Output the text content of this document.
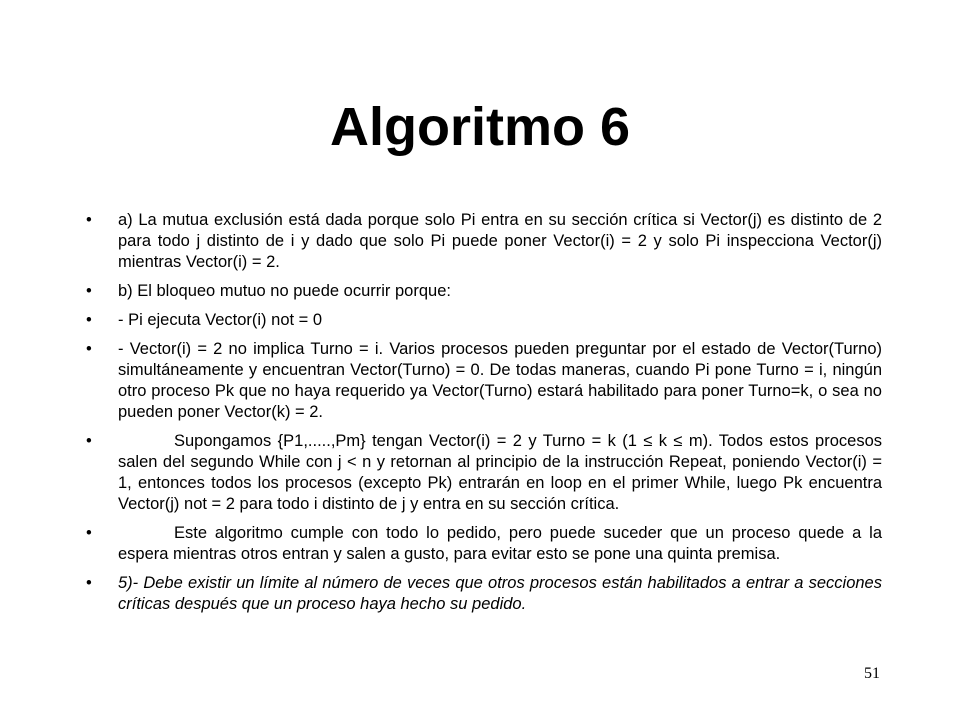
Algoritmo 6
•	a) La mutua exclusión está dada porque solo Pi entra en su sección crítica si Vector(j) es distinto de 2 para todo j distinto de i y dado que solo Pi puede poner Vector(i) = 2 y solo Pi inspecciona Vector(j) mientras Vector(i) = 2.
•	b) El bloqueo mutuo no puede ocurrir porque:
•	- Pi ejecuta Vector(i) not = 0
•	- Vector(i) = 2 no implica Turno = i. Varios procesos pueden preguntar por el estado de Vector(Turno) simultáneamente y encuentran Vector(Turno) = 0. De todas maneras, cuando Pi pone Turno = i, ningún otro proceso Pk que no haya requerido ya Vector(Turno) estará habilitado para poner Turno=k, o sea no pueden poner Vector(k) = 2.
•	Supongamos {P1,.....,Pm} tengan Vector(i) = 2 y Turno = k (1 ≤ k ≤ m). Todos estos procesos salen del segundo While con j < n y retornan al principio de la instrucción Repeat, poniendo Vector(i) = 1, entonces todos los procesos (excepto Pk) entrarán en loop en el primer While, luego Pk encuentra Vector(j) not = 2 para todo i distinto de j y entra en su sección crítica.
•	Este algoritmo cumple con todo lo pedido, pero puede suceder que un proceso quede a la espera mientras otros entran y salen a gusto, para evitar esto se pone una quinta premisa.
•	5)- Debe existir un límite al número de veces que otros procesos están habilitados a entrar a secciones críticas después que un proceso haya hecho su pedido.
51
